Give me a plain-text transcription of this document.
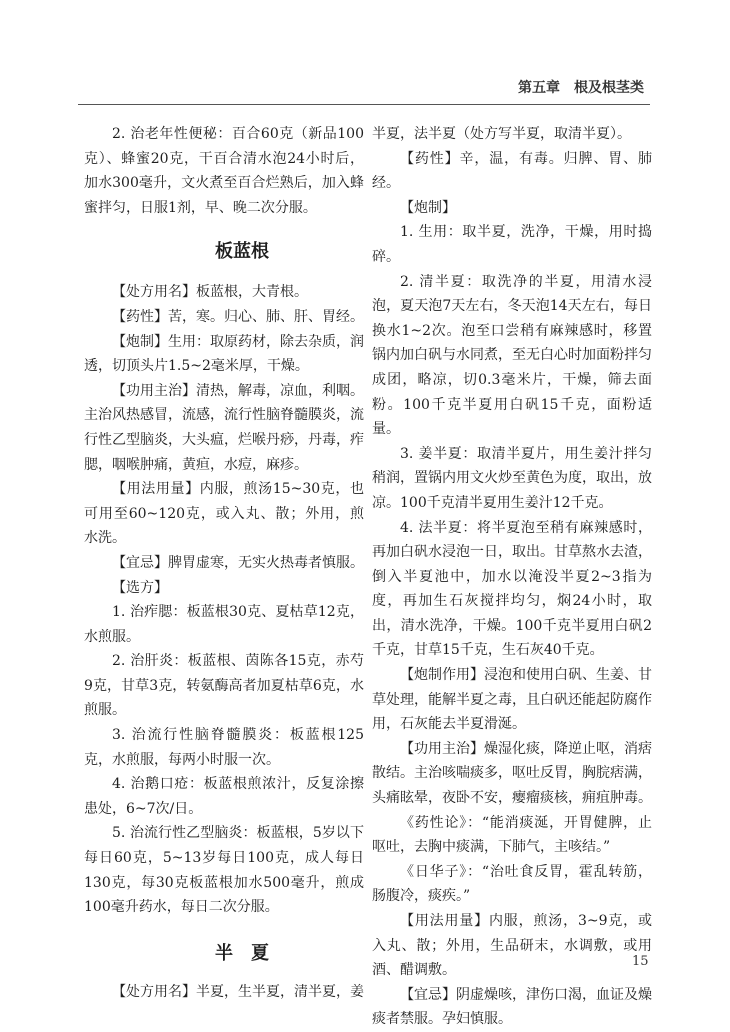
第五章　根及根茎类

2. 治老年性便秘：百合60克（新品100克）、蜂蜜20克，干百合清水泡24小时后，加水300毫升，文火煮至百合烂熟后，加入蜂蜜拌匀，日服1剂，早、晚二次分服。

板蓝根

【处方用名】板蓝根，大青根。

【药性】苦，寒。归心、肺、肝、胃经。

【炮制】生用：取原药材，除去杂质，润透，切顶头片1.5~2毫米厚，干燥。

【功用主治】清热，解毒，凉血，利咽。主治风热感冒，流感，流行性脑脊髓膜炎，流行性乙型脑炎，大头瘟，烂喉丹痧，丹毒，痄腮，咽喉肿痛，黄疸，水痘，麻疹。

【用法用量】内服，煎汤15~30克，也可用至60~120克，或入丸、散；外用，煎水洗。

【宜忌】脾胃虚寒，无实火热毒者慎服。

【选方】

1. 治痄腮：板蓝根30克、夏枯草12克，水煎服。

2. 治肝炎：板蓝根、茵陈各15克，赤芍9克，甘草3克，转氨酶高者加夏枯草6克，水煎服。

3. 治流行性脑脊髓膜炎：板蓝根125克，水煎服，每两小时服一次。

4. 治鹅口疮：板蓝根煎浓汁，反复涂擦患处，6~7次/日。

5. 治流行性乙型脑炎：板蓝根，5岁以下每日60克，5~13岁每日100克，成人每日130克，每30克板蓝根加水500毫升，煎成100毫升药水，每日二次分服。

半　夏

【处方用名】半夏，生半夏，清半夏，姜

半夏，法半夏（处方写半夏，取清半夏）。

【药性】辛，温，有毒。归脾、胃、肺经。

【炮制】

1. 生用：取半夏，洗净，干燥，用时捣碎。

2. 清半夏：取洗净的半夏，用清水浸泡，夏天泡7天左右，冬天泡14天左右，每日换水1~2次。泡至口尝稍有麻辣感时，移置锅内加白矾与水同煮，至无白心时加面粉拌匀成团，略凉，切0.3毫米片，干燥，筛去面粉。100千克半夏用白矾15千克，面粉适量。

3. 姜半夏：取清半夏片，用生姜汁拌匀稍润，置锅内用文火炒至黄色为度，取出，放凉。100千克清半夏用生姜汁12千克。

4. 法半夏：将半夏泡至稍有麻辣感时，再加白矾水浸泡一日，取出。甘草熬水去渣，倒入半夏池中，加水以淹没半夏2~3指为度，再加生石灰搅拌均匀，焖24小时，取出，清水洗净，干燥。100千克半夏用白矾2千克，甘草15千克，生石灰40千克。

【炮制作用】浸泡和使用白矾、生姜、甘草处理，能解半夏之毒，且白矾还能起防腐作用，石灰能去半夏滑涎。

【功用主治】燥湿化痰，降逆止呕，消痞散结。主治咳喘痰多，呕吐反胃，胸脘痞满，头痛眩晕，夜卧不安，瘿瘤痰核，痈疽肿毒。

《药性论》：“能消痰涎，开胃健脾，止呕吐，去胸中痰满，下肺气，主咳结。”

《日华子》：“治吐食反胃，霍乱转筋，肠腹冷，痰疾。”

【用法用量】内服，煎汤，3~9克，或入丸、散；外用，生品研末，水调敷，或用酒、醋调敷。

【宜忌】阴虚燥咳，津伤口渴，血证及燥痰者禁服。孕妇慎服。

15
